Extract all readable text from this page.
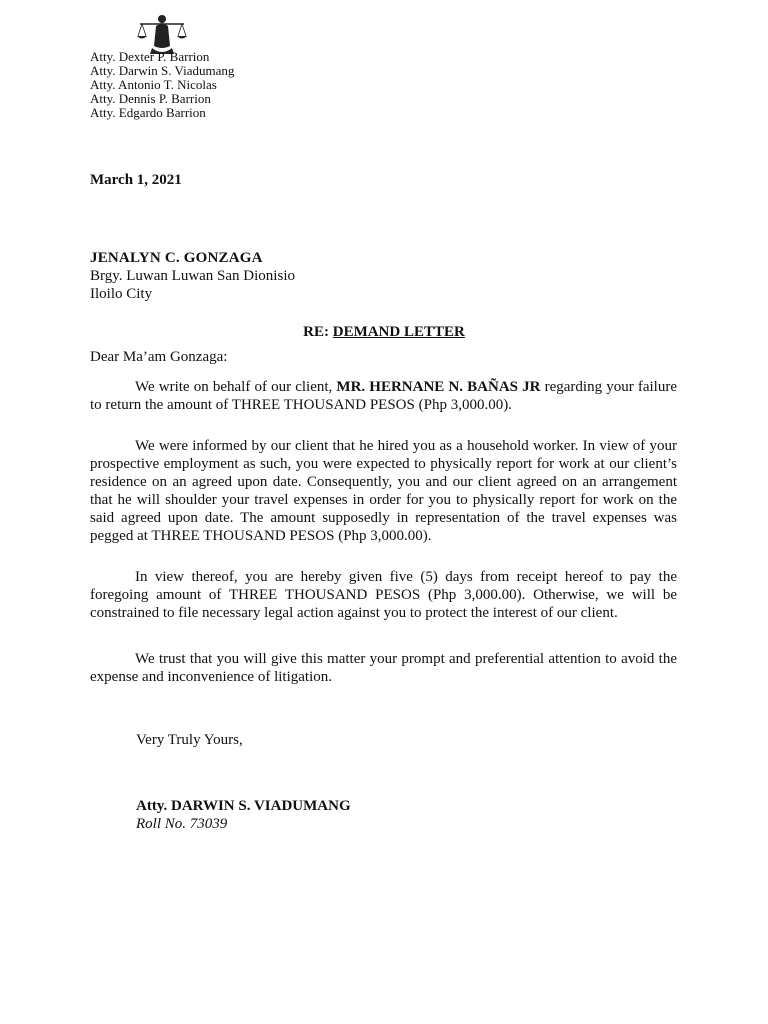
Atty. Dexter P. Barrion
Atty. Darwin S. Viadumang
Atty. Antonio T. Nicolas
Atty. Dennis P. Barrion
Atty. Edgardo Barrion
March 1, 2021
JENALYN C. GONZAGA
Brgy. Luwan Luwan San Dionisio
Iloilo City
RE: DEMAND LETTER
Dear Ma’am Gonzaga:

We write on behalf of our client, MR. HERNANE N. BAÑAS JR regarding your failure to return the amount of THREE THOUSAND PESOS (Php 3,000.00).

We were informed by our client that he hired you as a household worker. In view of your prospective employment as such, you were expected to physically report for work at our client’s residence on an agreed upon date. Consequently, you and our client agreed on an arrangement that he will shoulder your travel expenses in order for you to physically report for work on the said agreed upon date. The amount supposedly in representation of the travel expenses was pegged at THREE THOUSAND PESOS (Php 3,000.00).

In view thereof, you are hereby given five (5) days from receipt hereof to pay the foregoing amount of THREE THOUSAND PESOS (Php 3,000.00). Otherwise, we will be constrained to file necessary legal action against you to protect the interest of our client.

We trust that you will give this matter your prompt and preferential attention to avoid the expense and inconvenience of litigation.

Very Truly Yours,
Atty. DARWIN S. VIADUMANG
Roll No. 73039
